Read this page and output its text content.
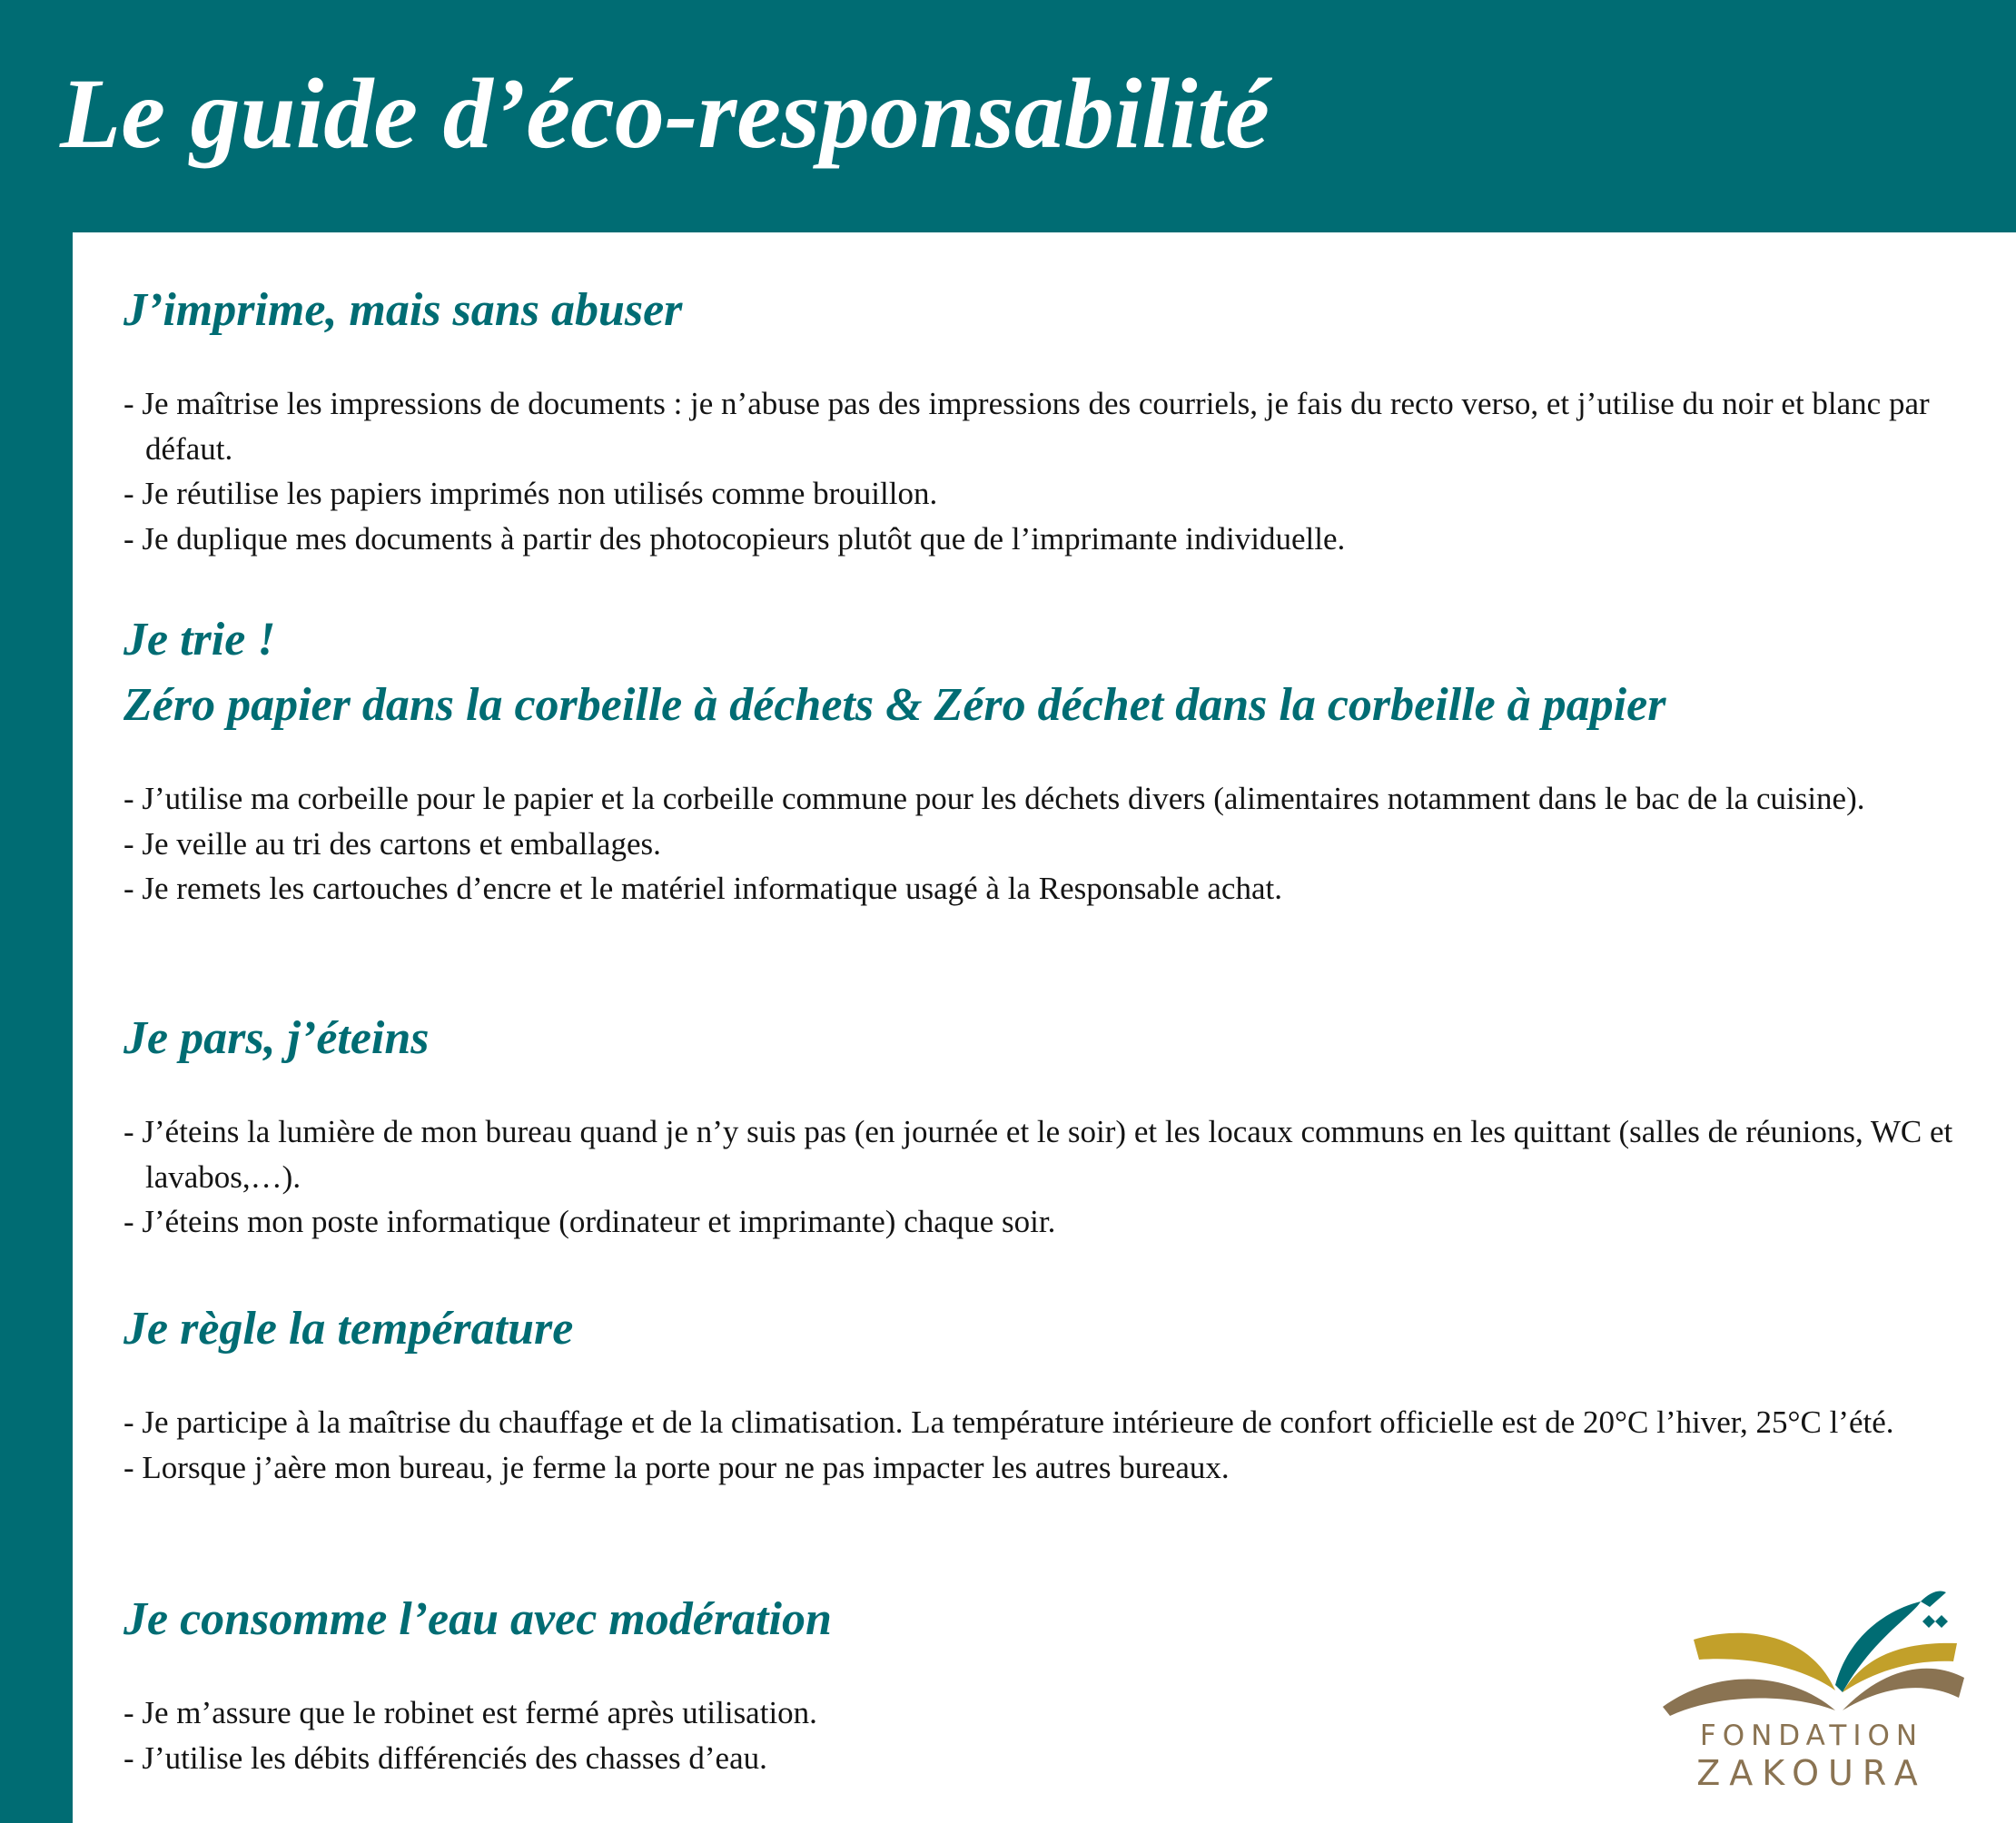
Le guide d’éco-responsabilité
J’imprime, mais sans abuser
- Je maîtrise les impressions de documents : je n’abuse pas des impressions des courriels, je fais du recto verso, et j’utilise du noir et blanc par défaut.
- Je réutilise les papiers imprimés non utilisés comme brouillon.
- Je duplique mes documents à partir des photocopieurs plutôt que de l’imprimante individuelle.
Je trie !
Zéro papier dans la corbeille à déchets & Zéro déchet dans la corbeille à papier
- J’utilise ma corbeille pour le papier et la corbeille commune pour les déchets divers (alimentaires notamment dans le bac de la cuisine).
- Je veille au tri des cartons et emballages.
- Je remets les cartouches d’encre et le matériel informatique usagé à la Responsable achat.
Je pars, j’éteins
- J’éteins la lumière de mon bureau quand je n’y suis pas (en journée et le soir) et les locaux communs en les quittant (salles de réunions, WC et lavabos,…).
- J’éteins mon poste informatique (ordinateur et imprimante) chaque soir.
Je règle la température
- Je participe à la maîtrise du chauffage et de la climatisation. La température intérieure de confort officielle est de 20°C l’hiver, 25°C l’été.
- Lorsque j’aère mon bureau, je ferme la porte pour ne pas impacter les autres bureaux.
Je consomme l’eau avec modération
- Je m’assure que le robinet est fermé après utilisation.
- J’utilise les débits différenciés des chasses d’eau.
FONDATION
ZAKOURA
